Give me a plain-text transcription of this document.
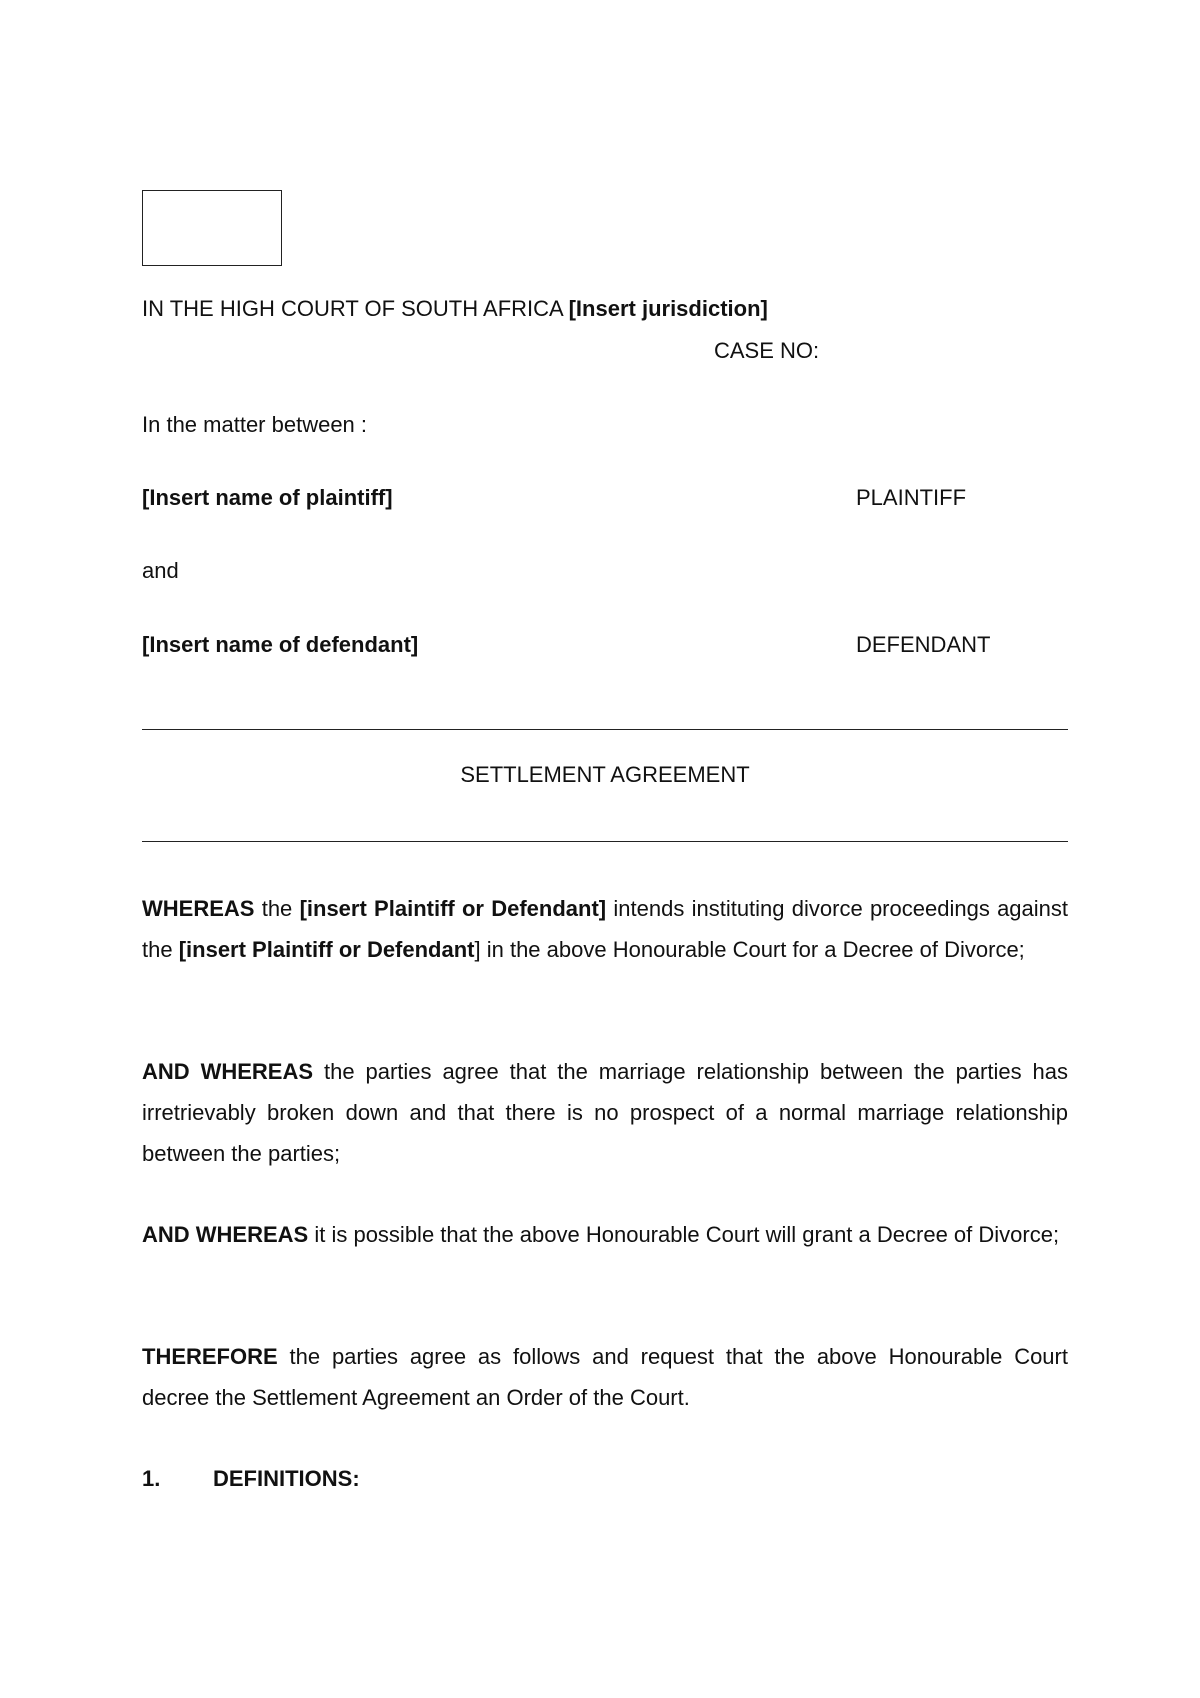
IN THE HIGH COURT OF SOUTH AFRICA [Insert jurisdiction]
CASE NO:
In the matter between :
[Insert name of plaintiff]	PLAINTIFF
and
[Insert name of defendant]	DEFENDANT
SETTLEMENT AGREEMENT
WHEREAS the [insert Plaintiff or Defendant] intends instituting divorce proceedings against the [insert Plaintiff or Defendant] in the above Honourable Court for a Decree of Divorce;
AND WHEREAS the parties agree that the marriage relationship between the parties has irretrievably broken down and that there is no prospect of a normal marriage relationship between the parties;
AND WHEREAS it is possible that the above Honourable Court will grant a Decree of Divorce;
THEREFORE the parties agree as follows and request that the above Honourable Court decree the Settlement Agreement an Order of the Court.
1. DEFINITIONS:
